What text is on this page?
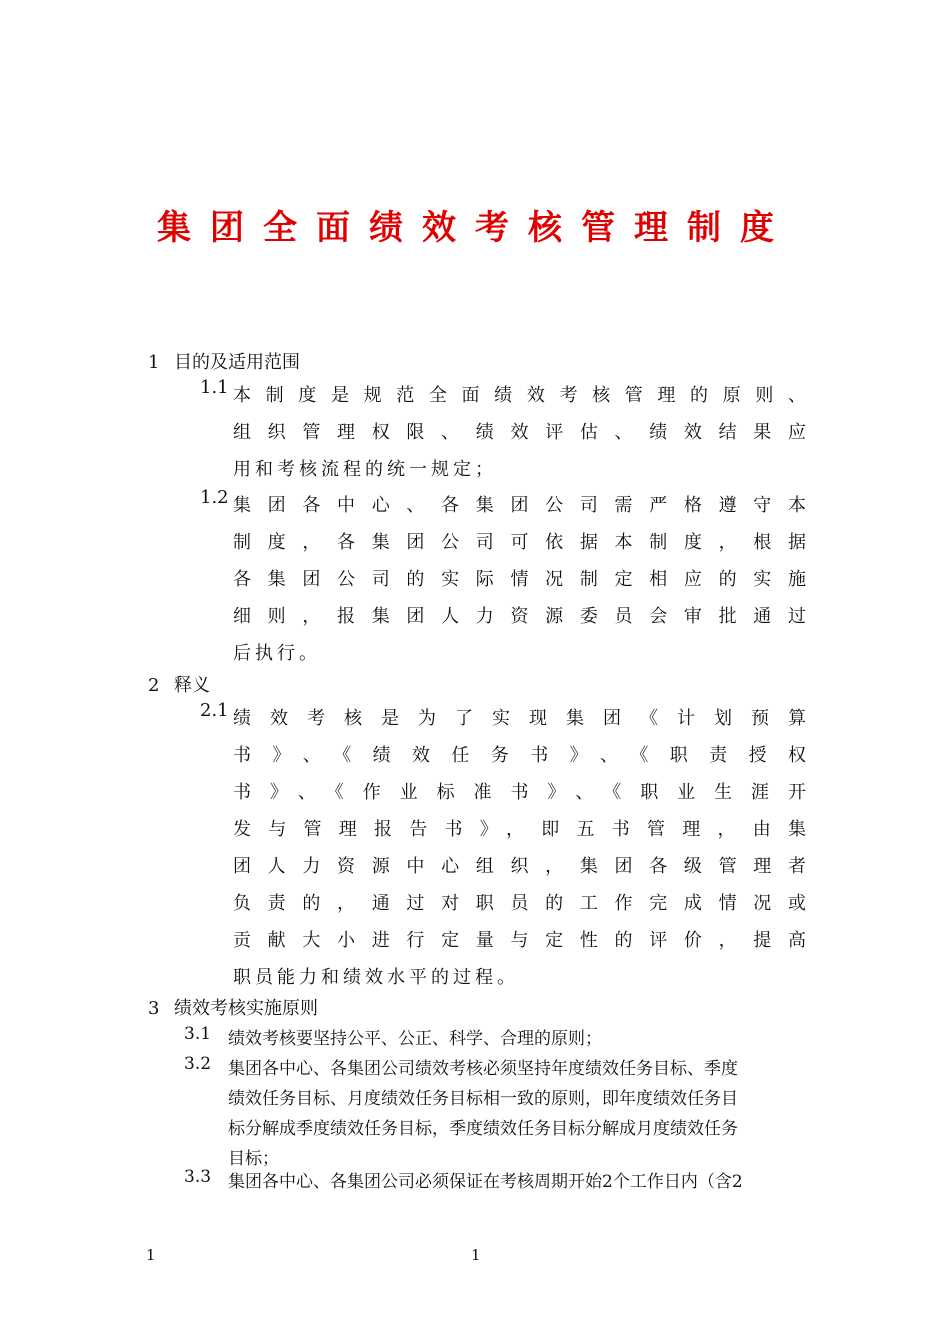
集团全面绩效考核管理制度
1 目的及适用范围
1.1 本制度是规范全面绩效考核管理的原则、
组织管理权限、绩效评估、绩效结果应
用和考核流程的统一规定；
1.2 集团各中心、各集团公司需严格遵守本
制度，各集团公司可依据本制度，根据
各集团公司的实际情况制定相应的实施
细则，报集团人力资源委员会审批通过
后执行。
2 释义
2.1 绩效考核是为了实现集团《计划预算
书》、《绩效任务书》、《职责授权
书》、《作业标准书》、《职业生涯开
发与管理报告书》，即五书管理，由集
团人力资源中心组织，集团各级管理者
负责的，通过对职员的工作完成情况或
贡献大小进行定量与定性的评价，提高
职员能力和绩效水平的过程。
3 绩效考核实施原则
3.1 绩效考核要坚持公平、公正、科学、合理的原则；
3.2 集团各中心、各集团公司绩效考核必须坚持年度绩效任务目标、季度
绩效任务目标、月度绩效任务目标相一致的原则，即年度绩效任务目
标分解成季度绩效任务目标，季度绩效任务目标分解成月度绩效任务
目标；
3.3 集团各中心、各集团公司必须保证在考核周期开始2个工作日内（含2
1	1
